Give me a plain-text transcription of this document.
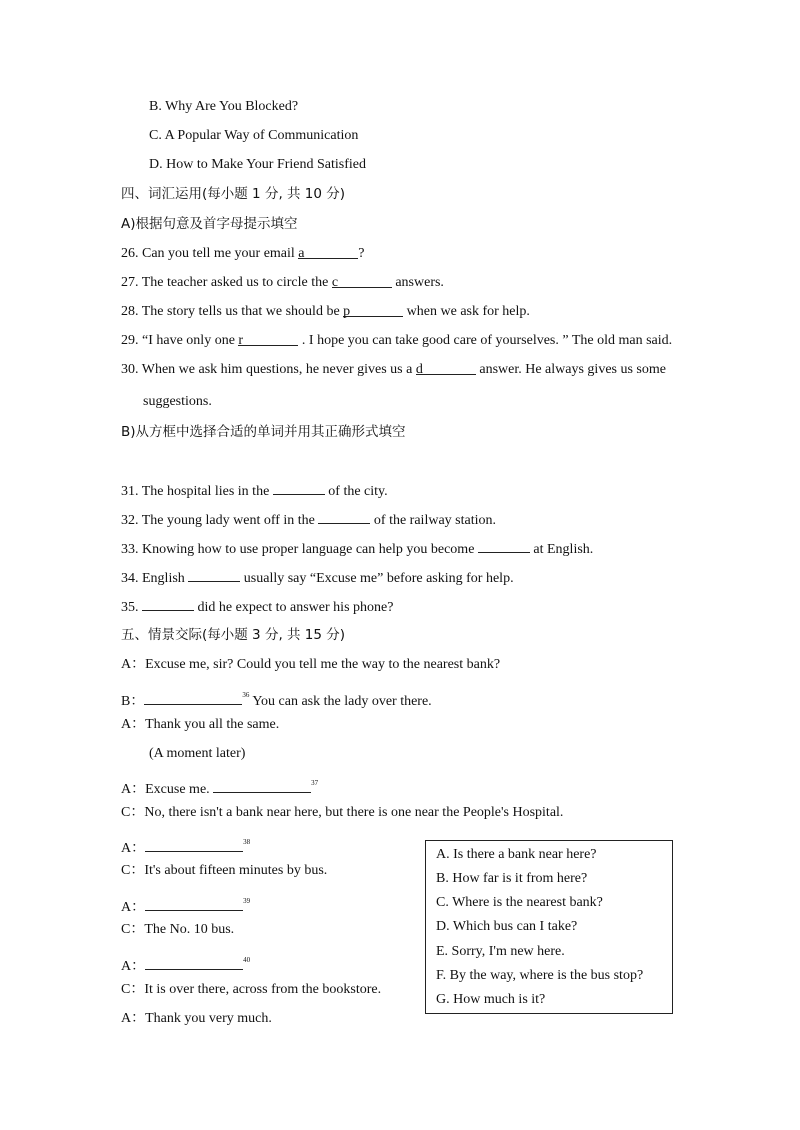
B. Why Are You Blocked?
C. A Popular Way of Communication
D. How to Make Your Friend Satisfied
四、词汇运用(每小题 1 分, 共 10 分)
A)根据句意及首字母提示填空
26. Can you tell me your email a	?
27. The teacher asked us to circle the c	answers.
28. The story tells us that we should be p	when we ask for help.
29. “I have only one r	. I hope you can take good care of yourselves. ” The old man said.
30. When we ask him questions, he never gives us a d	answer. He always gives us some
suggestions.
B)从方框中选择合适的单词并用其正确形式填空
31. The hospital lies in the	of the city.
32. The young lady went off in the	of the railway station.
33. Knowing how to use proper language can help you become	at English.
34. English	usually say “Excuse me” before asking for help.
35.	did he expect to answer his phone?
五、情景交际(每小题 3 分, 共 15 分)
A：Excuse me, sir? Could you tell me the way to the nearest bank?
B：	$^{36}$ You can ask the lady over there.
A：Thank you all the same.
(A moment later)
A：Excuse me.	$^{37}$
C：No, there isn't a bank near here, but there is one near the People's Hospital.
A：	$^{38}$
C：It's about fifteen minutes by bus.
A：	$^{39}$
C：The No. 10 bus.
A：	$^{40}$
C：It is over there, across from the bookstore.
A：Thank you very much.
A. Is there a bank near here?
B. How far is it from here?
C. Where is the nearest bank?
D. Which bus can I take?
E. Sorry, I'm new here.
F. By the way, where is the bus stop?
G. How much is it?
